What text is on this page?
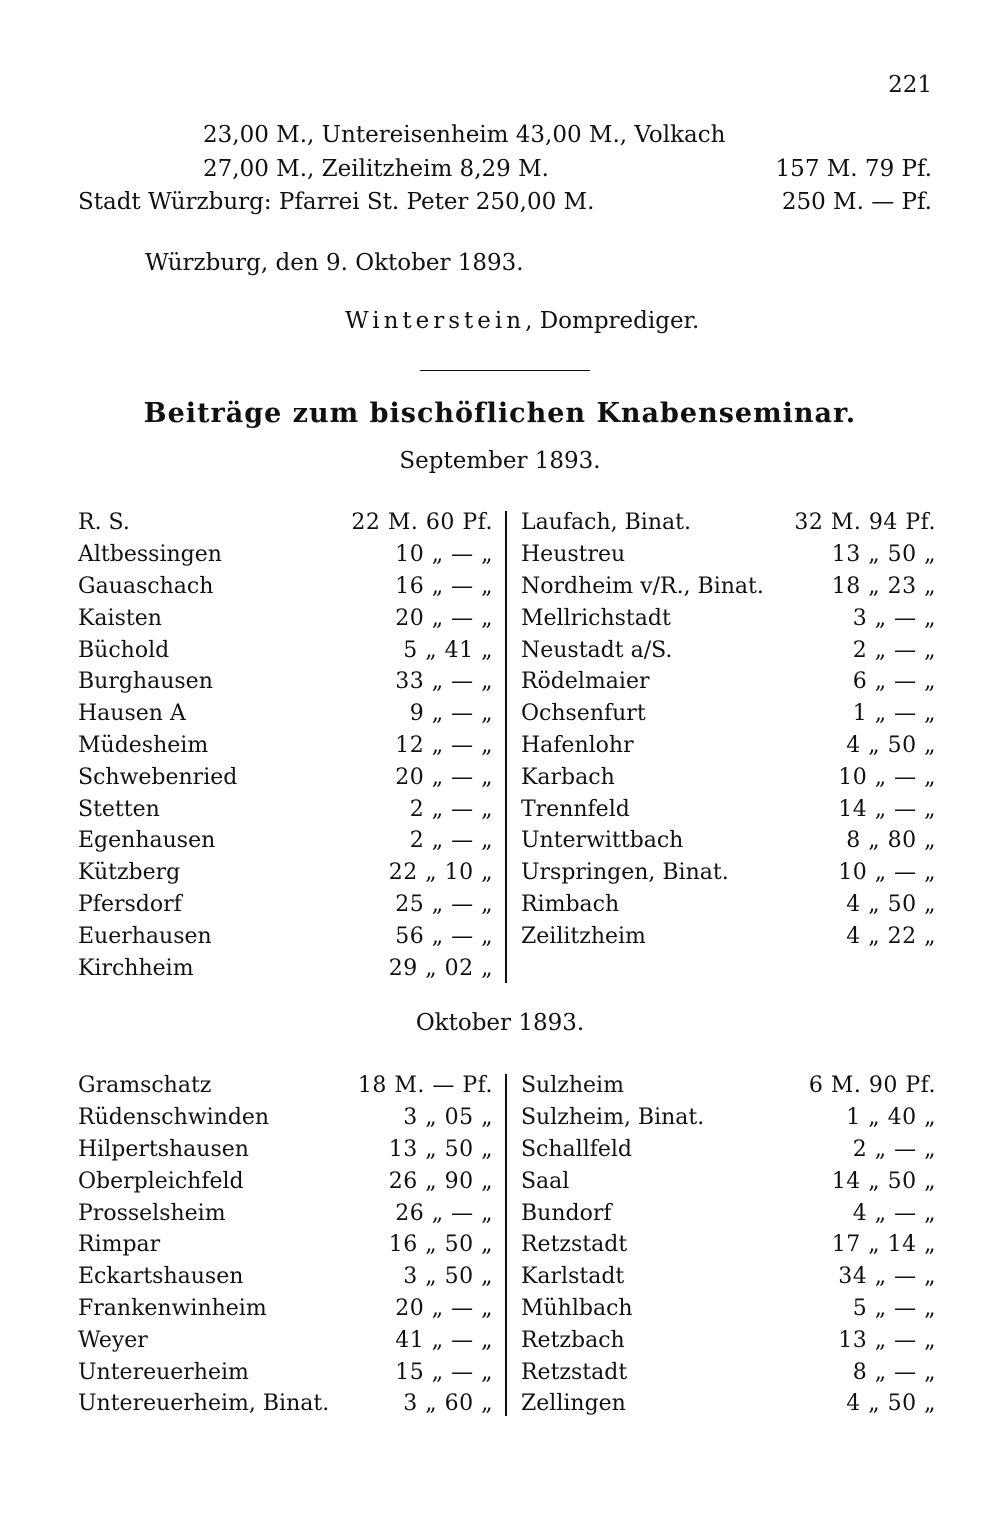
221
23,00 M., Untereisenheim 43,00 M., Volkach
27,00 M., Zeilitzheim 8,29 M.	157 M. 79 Pf.
Stadt Würzburg: Pfarrei St. Peter 250,00 M.	250 M. — Pf.
Würzburg, den 9. Oktober 1893.
Winterstein, Domprediger.
Beiträge zum bischöflichen Knabenseminar.
September 1893.
R. S.	22 M. 60 Pf.
Altbessingen	10 „ — „
Gauaschach	16 „ — „
Kaisten	20 „ — „
Büchold	5 „ 41 „
Burghausen	33 „ — „
Hausen A	9 „ — „
Müdesheim	12 „ — „
Schwebenried	20 „ — „
Stetten	2 „ — „
Egenhausen	2 „ — „
Kützberg	22 „ 10 „
Pfersdorf	25 „ — „
Euerhausen	56 „ — „
Kirchheim	29 „ 02 „
Laufach, Binat.	32 M. 94 Pf.
Heustreu	13 „ 50 „
Nordheim v/R., Binat.	18 „ 23 „
Mellrichstadt	3 „ — „
Neustadt a/S.	2 „ — „
Rödelmaier	6 „ — „
Ochsenfurt	1 „ — „
Hafenlohr	4 „ 50 „
Karbach	10 „ — „
Trennfeld	14 „ — „
Unterwittbach	8 „ 80 „
Urspringen, Binat.	10 „ — „
Rimbach	4 „ 50 „
Zeilitzheim	4 „ 22 „
Oktober 1893.
Gramschatz	18 M. — Pf.
Rüdenschwinden	3 „ 05 „
Hilpertshausen	13 „ 50 „
Oberpleichfeld	26 „ 90 „
Prosselsheim	26 „ — „
Rimpar	16 „ 50 „
Eckartshausen	3 „ 50 „
Frankenwinheim	20 „ — „
Weyer	41 „ — „
Untereuerheim	15 „ — „
Untereuerheim, Binat.	3 „ 60 „
Sulzheim	6 M. 90 Pf.
Sulzheim, Binat.	1 „ 40 „
Schallfeld	2 „ — „
Saal	14 „ 50 „
Bundorf	4 „ — „
Retzstadt	17 „ 14 „
Karlstadt	34 „ — „
Mühlbach	5 „ — „
Retzbach	13 „ — „
Retzstadt	8 „ — „
Zellingen	4 „ 50 „
